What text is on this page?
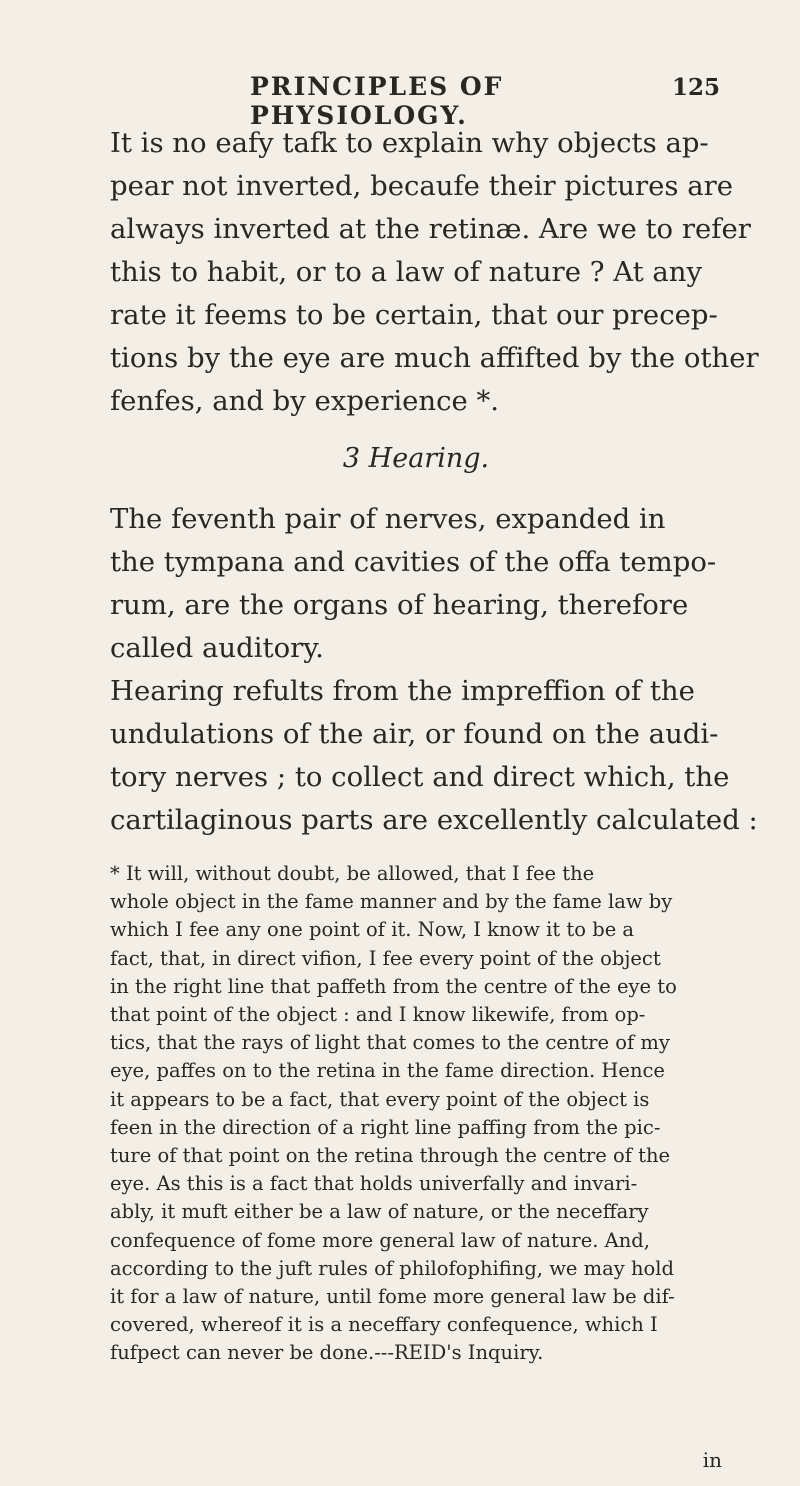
PRINCIPLES OF PHYSIOLOGY.
125

It is no eafy tafk to explain why objects ap-
pear not inverted, becaufe their pictures are
always inverted at the retinæ. Are we to refer
this to habit, or to a law of nature ? At any
rate it feems to be certain, that our precep-
tions by the eye are much affifted by the other
fenfes, and by experience *.

3 Hearing.

The feventh pair of nerves, expanded in
the tympana and cavities of the offa tempo-
rum, are the organs of hearing, therefore
called auditory.

Hearing refults from the impreffion of the
undulations of the air, or found on the audi-
tory nerves ; to collect and direct which, the
cartilaginous parts are excellently calculated :

* It will, without doubt, be allowed, that I fee the
whole object in the fame manner and by the fame law by
which I fee any one point of it. Now, I know it to be a
fact, that, in direct vifion, I fee every point of the object
in the right line that paffeth from the centre of the eye to
that point of the object : and I know likewife, from op-
tics, that the rays of light that comes to the centre of my
eye, paffes on to the retina in the fame direction. Hence
it appears to be a fact, that every point of the object is
feen in the direction of a right line paffing from the pic-
ture of that point on the retina through the centre of the
eye. As this is a fact that holds univerfally and invari-
ably, it muft either be a law of nature, or the neceffary
confequence of fome more general law of nature. And,
according to the juft rules of philofophifing, we may hold
it for a law of nature, until fome more general law be dif-
covered, whereof it is a neceffary confequence, which I
fufpect can never be done.---REID's Inquiry.
in
